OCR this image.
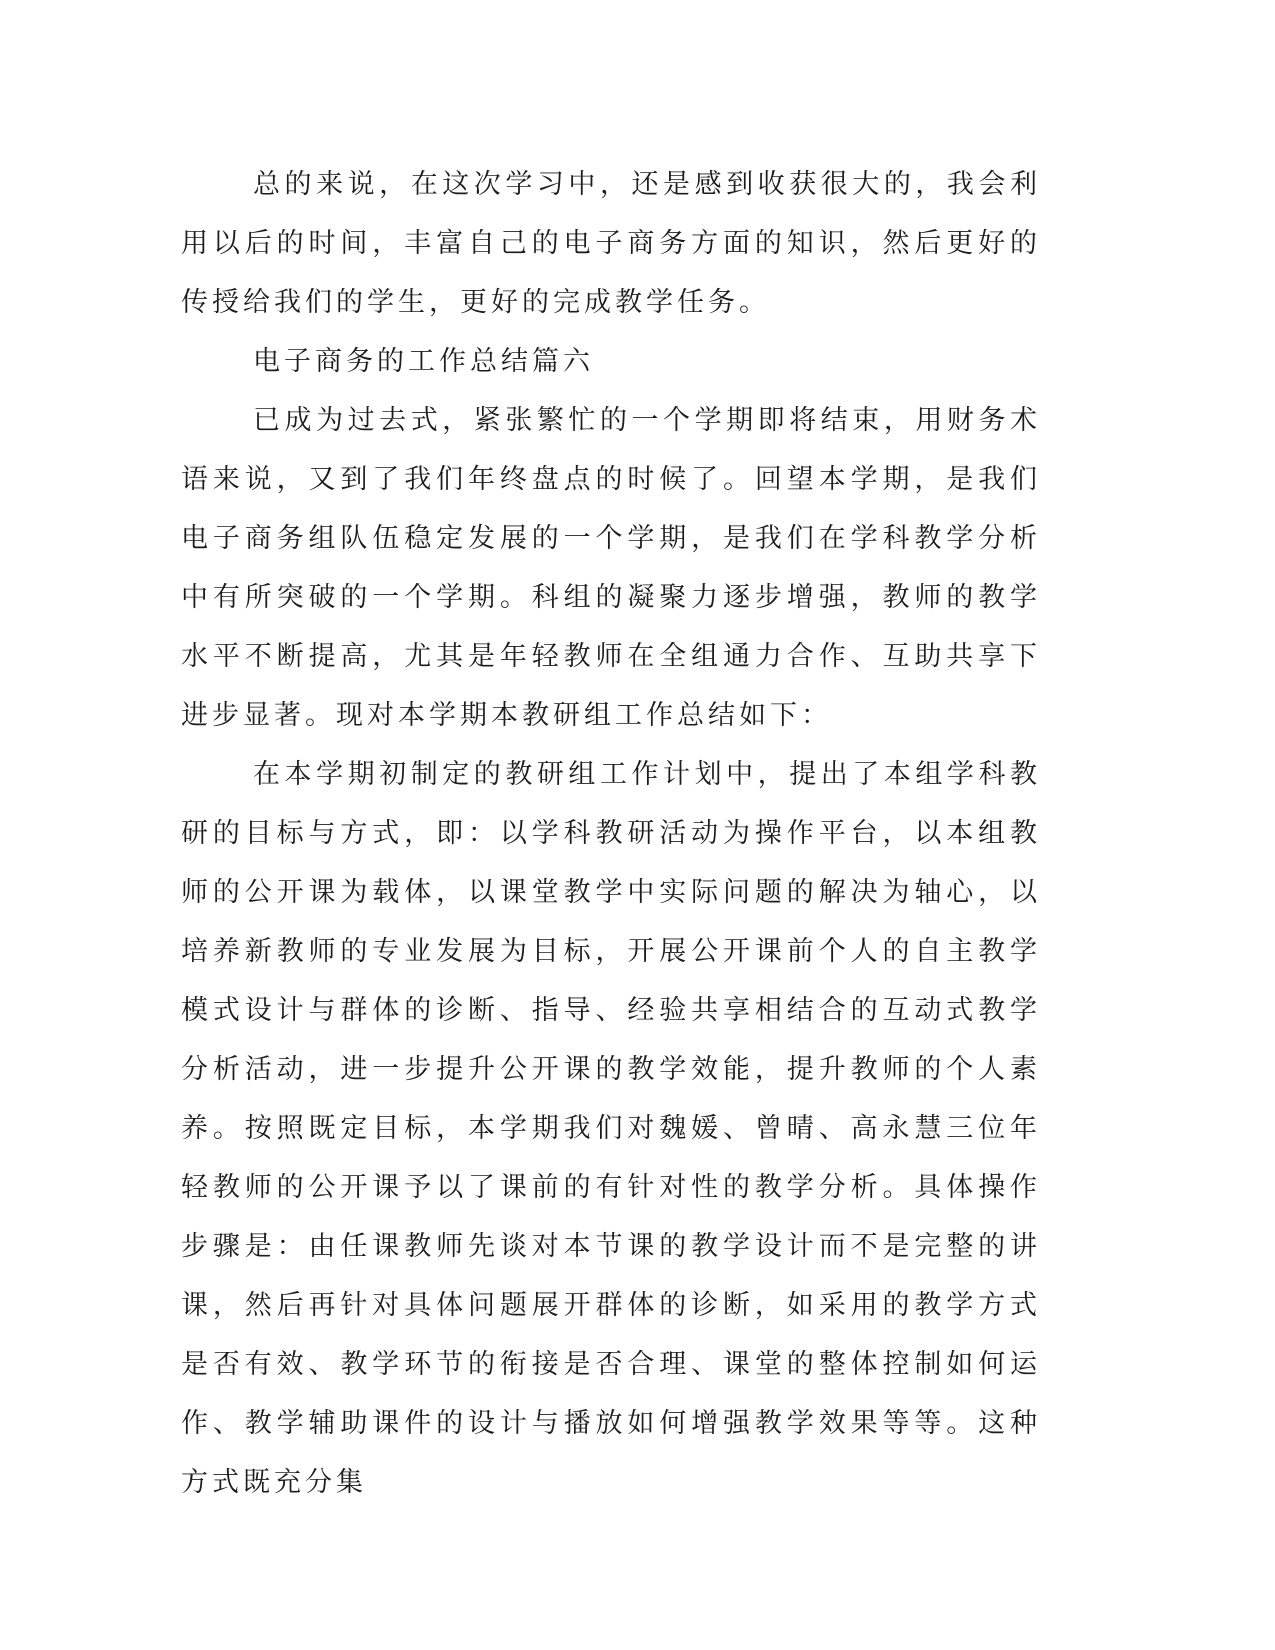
总的来说，在这次学习中，还是感到收获很大的，我会利用以后的时间，丰富自己的电子商务方面的知识，然后更好的传授给我们的学生，更好的完成教学任务。

电子商务的工作总结篇六

已成为过去式，紧张繁忙的一个学期即将结束，用财务术语来说，又到了我们年终盘点的时候了。回望本学期，是我们电子商务组队伍稳定发展的一个学期，是我们在学科教学分析中有所突破的一个学期。科组的凝聚力逐步增强，教师的教学水平不断提高，尤其是年轻教师在全组通力合作、互助共享下进步显著。现对本学期本教研组工作总结如下：

在本学期初制定的教研组工作计划中，提出了本组学科教研的目标与方式，即：以学科教研活动为操作平台，以本组教师的公开课为载体，以课堂教学中实际问题的解决为轴心，以培养新教师的专业发展为目标，开展公开课前个人的自主教学模式设计与群体的诊断、指导、经验共享相结合的互动式教学分析活动，进一步提升公开课的教学效能，提升教师的个人素养。按照既定目标，本学期我们对魏媛、曾晴、高永慧三位年轻教师的公开课予以了课前的有针对性的教学分析。具体操作步骤是：由任课教师先谈对本节课的教学设计而不是完整的讲课，然后再针对具体问题展开群体的诊断，如采用的教学方式是否有效、教学环节的衔接是否合理、课堂的整体控制如何运作、教学辅助课件的设计与播放如何增强教学效果等等。这种方式既充分集
